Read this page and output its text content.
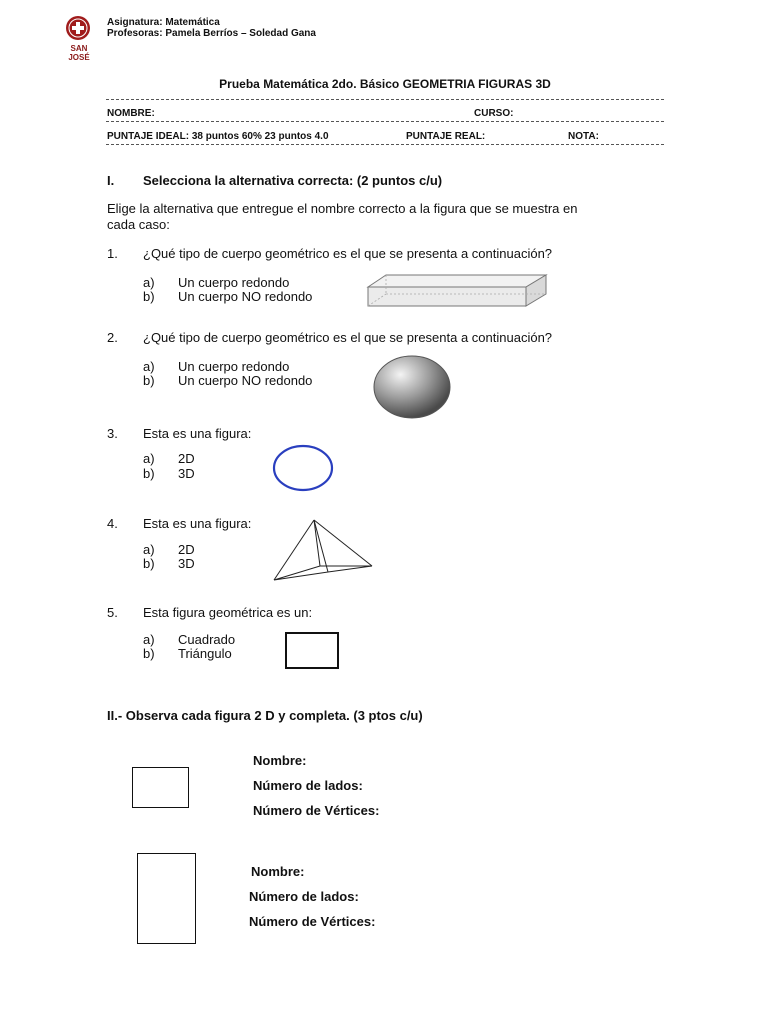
SAN JOSÉ
Asignatura: Matemática
Profesoras: Pamela Berríos – Soledad Gana
Prueba Matemática 2do. Básico GEOMETRIA FIGURAS 3D
NOMBRE:	CURSO:
PUNTAJE IDEAL: 38 puntos 60% 23 puntos 4.0	PUNTAJE REAL:	NOTA:
I. Selecciona la alternativa correcta: (2 puntos c/u)
Elige la alternativa que entregue el nombre correcto a la figura que se muestra en
cada caso:
1. ¿Qué tipo de cuerpo geométrico es el que se presenta a continuación?
a) Un cuerpo redondo
b) Un cuerpo NO redondo
2. ¿Qué tipo de cuerpo geométrico es el que se presenta a continuación?
a) Un cuerpo redondo
b) Un cuerpo NO redondo
3. Esta es una figura:
a) 2D
b) 3D
4. Esta es una figura:
a) 2D
b) 3D
5. Esta figura geométrica es un:
a) Cuadrado
b) Triángulo
II.- Observa cada figura 2 D y completa. (3 ptos c/u)
Nombre:
Número de lados:
Número de Vértices:
Nombre:
Número de lados:
Número de Vértices:
